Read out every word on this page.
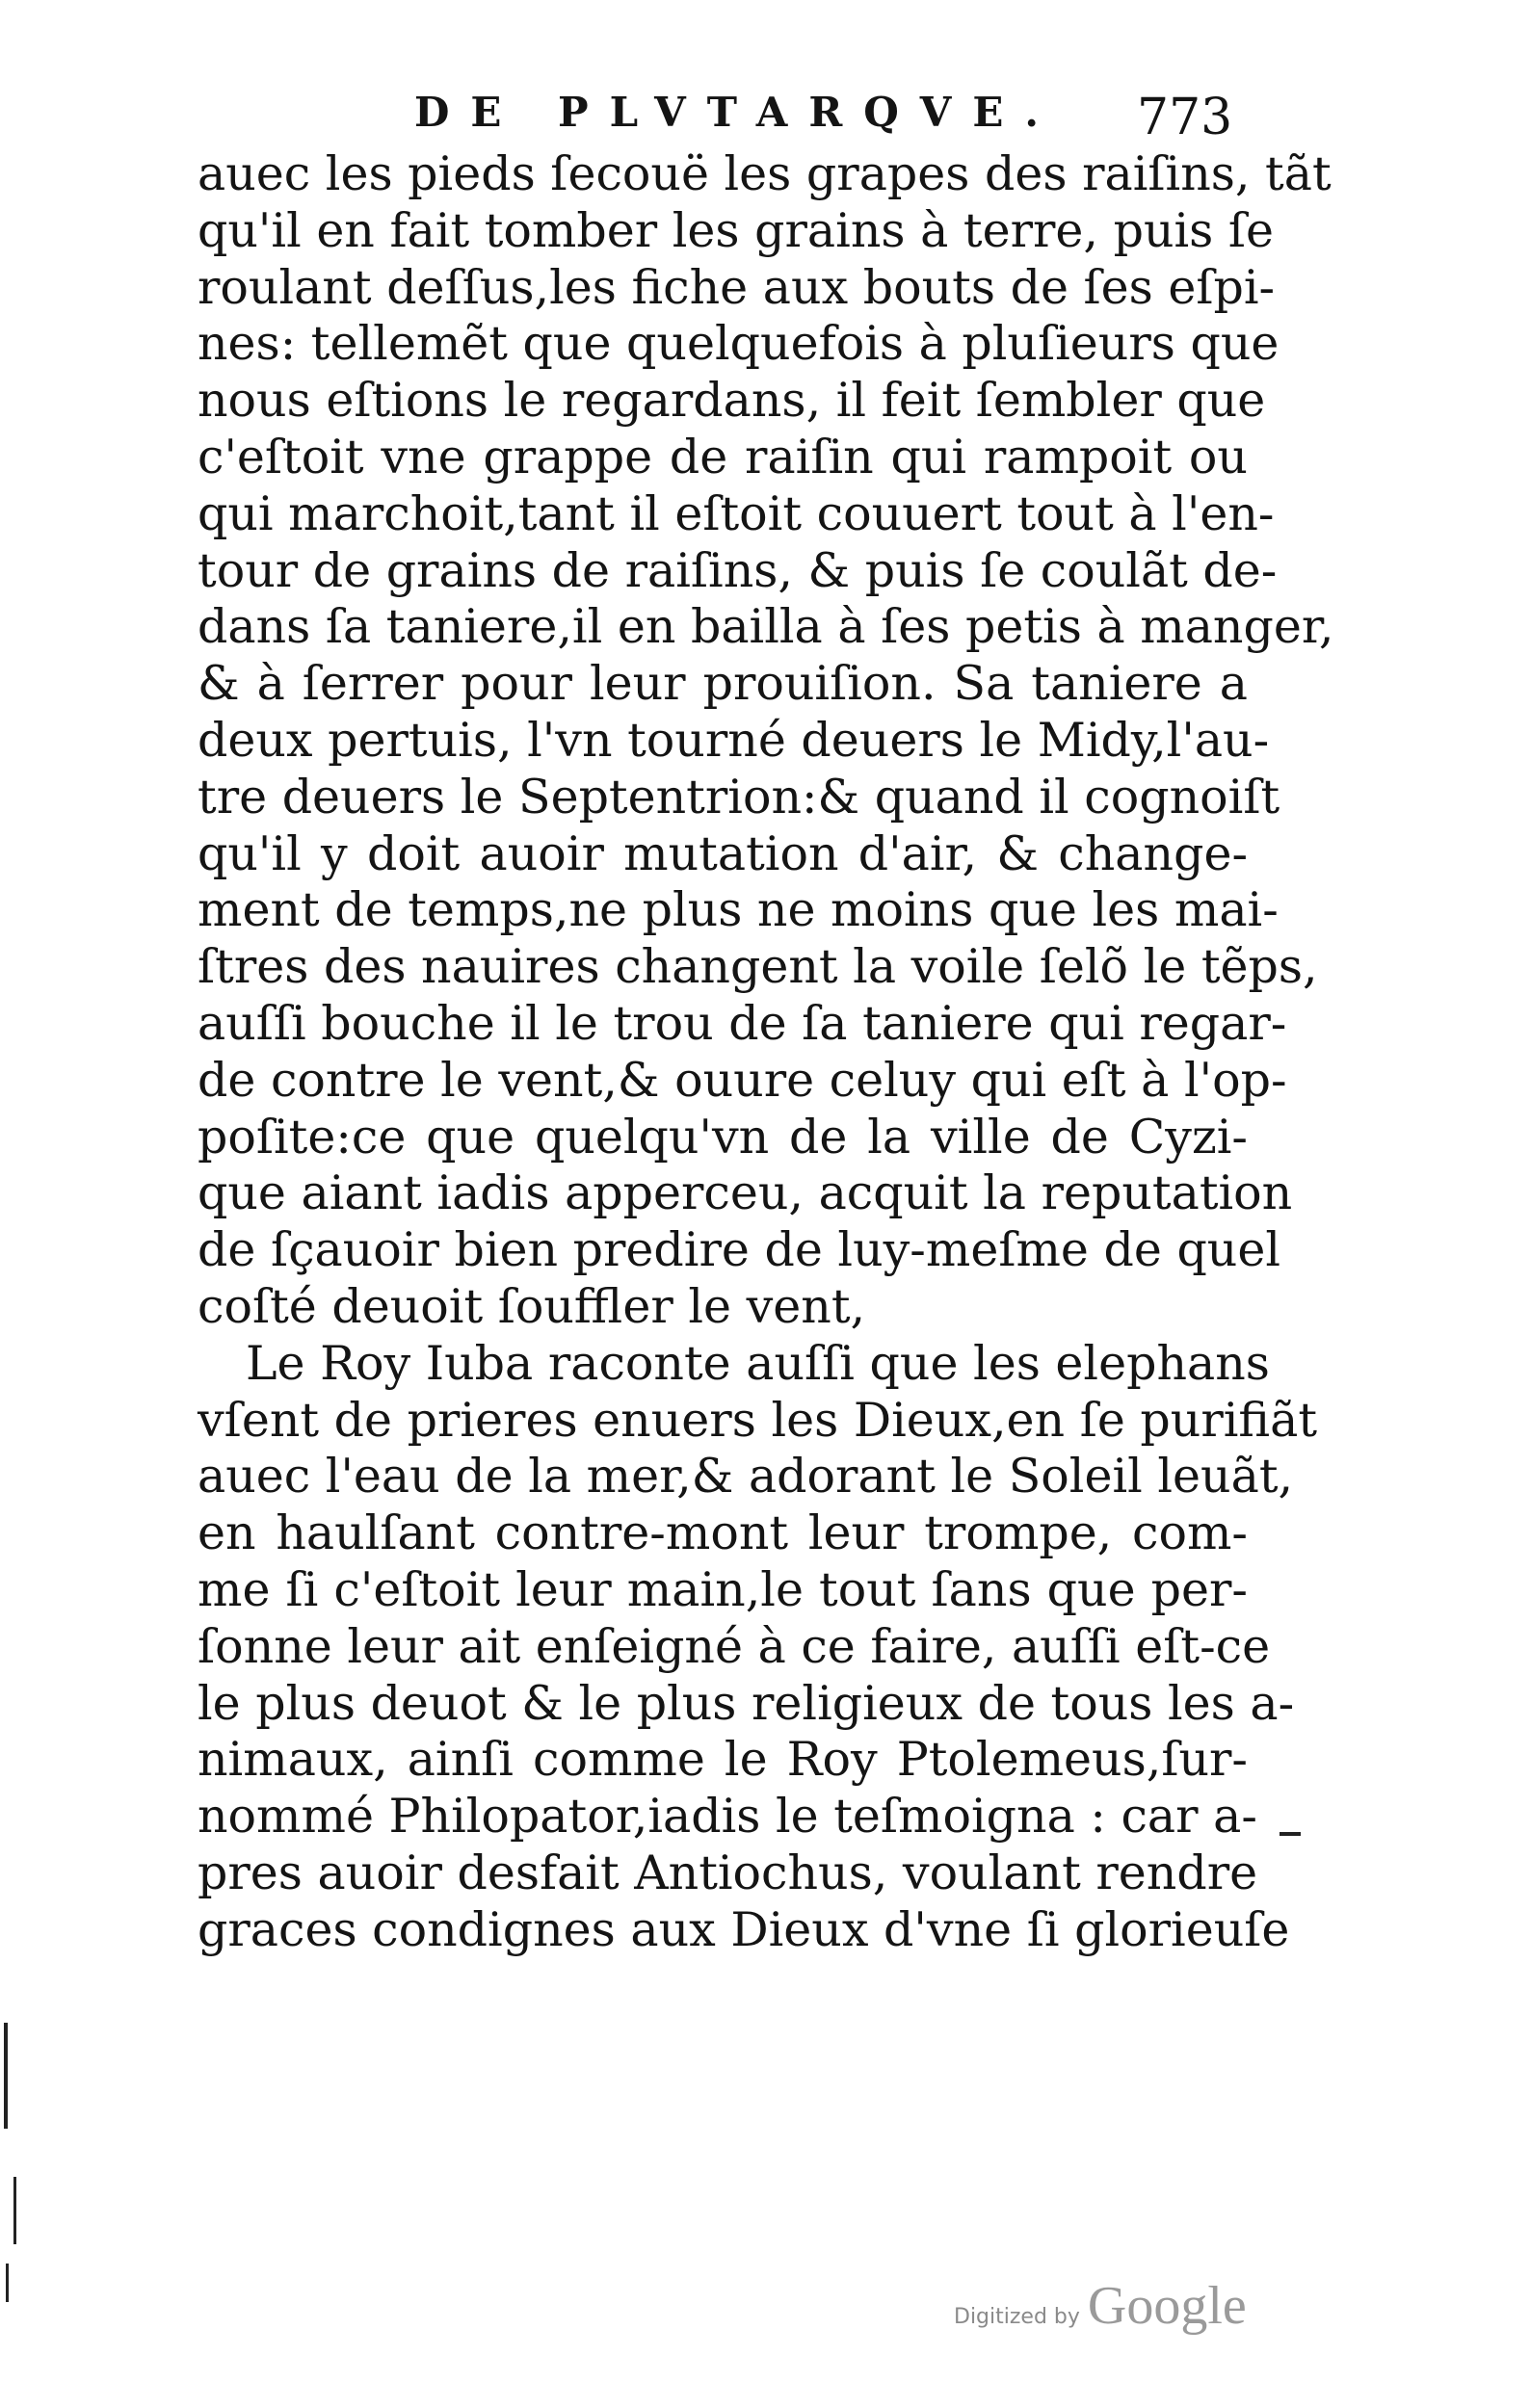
DE PLVTARQVE. 773
auec les pieds ſecouë les grapes des raiſins, tãt
qu'il en fait tomber les grains à terre, puis ſe
roulant deſſus,les fiche aux bouts de ſes eſpi-
nes: tellemẽt que quelquefois à pluſieurs que
nous eſtions le regardans, il feit ſembler que
c'eſtoit vne grappe de raiſin qui rampoit ou
qui marchoit,tant il eſtoit couuert tout à l'en-
tour de grains de raiſins, & puis ſe coulãt de-
dans ſa taniere,il en bailla à ſes petis à manger,
& à ſerrer pour leur prouiſion. Sa taniere a
deux pertuis, l'vn tourné deuers le Midy,l'au-
tre deuers le Septentrion:& quand il cognoiſt
qu'il y doit auoir mutation d'air, & change-
ment de temps,ne plus ne moins que les mai-
ſtres des nauires changent la voile ſelõ le tẽps,
auſſi bouche il le trou de ſa taniere qui regar-
de contre le vent,& ouure celuy qui eſt à l'op-
poſite:ce que quelqu'vn de la ville de Cyzi-
que aiant iadis apperceu, acquit la reputation
de ſçauoir bien predire de luy-meſme de quel
coſté deuoit ſouffler le vent,
Le Roy Iuba raconte auſſi que les elephans
vſent de prieres enuers les Dieux,en ſe purifiãt
auec l'eau de la mer,& adorant le Soleil leuãt,
en haulſant contre-mont leur trompe, com-
me ſi c'eſtoit leur main,le tout ſans que per-
ſonne leur ait enſeigné à ce faire, auſſi eſt-ce
le plus deuot & le plus religieux de tous les a-
nimaux, ainſi comme le Roy Ptolemeus,ſur-
nommé Philopator,iadis le teſmoigna : car a-
pres auoir desfait Antiochus, voulant rendre
graces condignes aux Dieux d'vne ſi glorieuſe
Digitized by Google
